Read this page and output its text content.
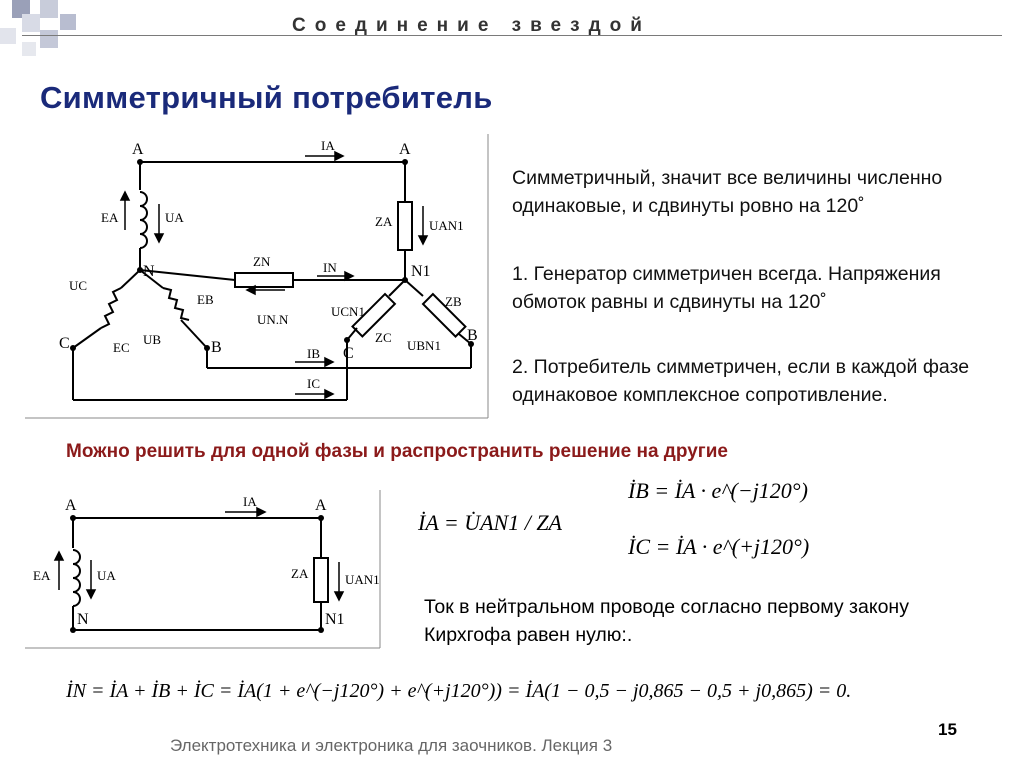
Соединение звездой
Симметричный потребитель
A	A
N	N1
C	B	C
B
IA
IN
IB
IC
EA	UA
UC
EC
UB
EB
ZN
UN.N
ZA	UAN1
UCN1
ZC
ZB
UBN1
Симметричный, значит все величины численно одинаковые, и сдвинуты ровно на 120˚
1. Генератор симметричен всегда. Напряжения обмоток равны и сдвинуты на 120˚
2. Потребитель симметричен, если в каждой фазе одинаковое комплексное сопротивление.
Можно решить для одной фазы и распространить решение на другие
A	A
N	N1
IA
EA	UA	ZA	UAN1
İA = U̇AN1 / ZA
İB = İA · e^(−j120°)
İC = İA · e^(+j120°)
Ток в нейтральном проводе согласно первому закону Кирхгофа равен нулю:.
İN = İA + İB + İC = İA(1 + e^(−j120°) + e^(+j120°)) = İA(1 − 0,5 − j0,865 − 0,5 + j0,865) = 0.
Электротехника и электроника для заочников. Лекция 3
15
